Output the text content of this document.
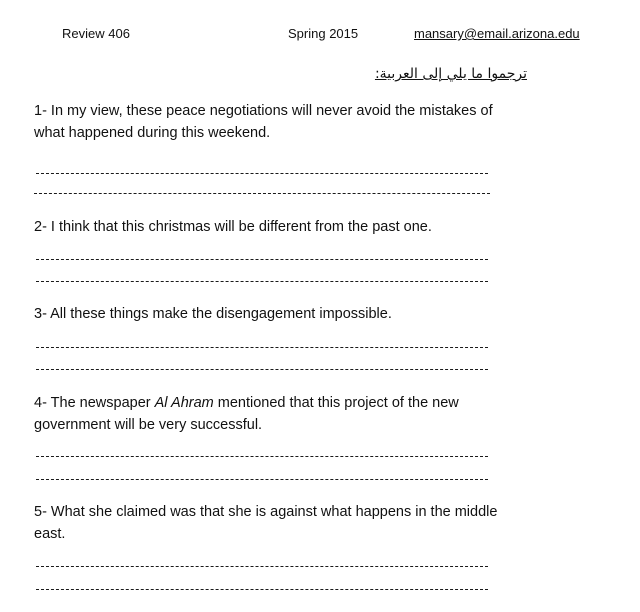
Review 406	Spring 2015	mansary@email.arizona.edu
ترجموا ما يلي إلى العربية:
1- In my view, these peace negotiations will never avoid the mistakes of what happened during this weekend.
2- I think that this christmas will be different from the past one.
3- All these things make the disengagement impossible.
4- The newspaper Al Ahram mentioned that this project of the new government will be very successful.
5- What she claimed was that she is against what happens in the middle east.
